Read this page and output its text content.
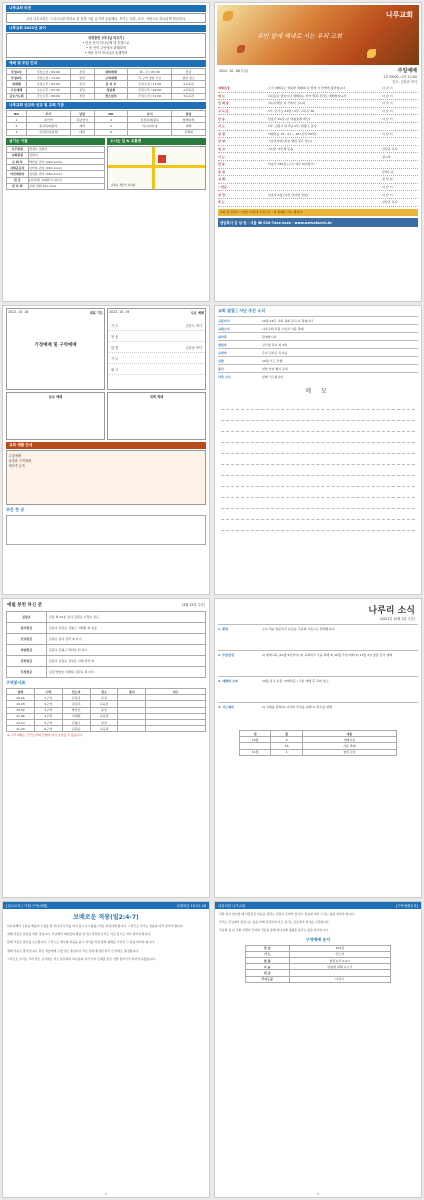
나루교회 비전
우리 나루교회는 그리스도를 머리로 한 몸을 이룬 유기적 공동체다. 모이는 일과, 소모, 사랑으로 하나님께 헌신한다.
나루교회 2021년 표어
성령충만 (하나님 따르기)
• 믿음 안의 하나님께 대 진행으로
• 몸 안의 주안에서 화해하며
• 세상 안의 하나님과 동행하며
예배 및 모임 안내
주일1부	주일오전 / 09:00	본당	새벽예배	화~금 / 05:30	본당
주일2부	주일오전 / 11:00	본당	구역예배	각 구역 정한 시간	정한 장소
대예배	주일오후 / 02:00	본당	중 저 부	주일오전 / 11:00	3교육관
수요예배	수요오후 / 07:30	본당	청년회	주일오후 / 02:00	2교육관
금요기도회	금요오후 / 08:00	본당	청소년부	주일오전 / 11:00	3교육관
나루교회 선교와 선교 및 교회 기관
NO	부서	담당	NO	부서	담당
1	관련역	목판연삭	4	류상하/회원목	합해다해
2	중이하/회원차	재개	5	하나님의 대	대해
3	김상한/하원해	대한	6	존해화
섬기는 이들
사무원원	연점우 집원진
교회원원	김원이
교 회 부	박한호 권사 (010-xxxx)
사회공동자	이학복 권사 (010-xxxx)
여전대원자	김연용 권사 (010-xxxx)
헌 금	(김하상) 교회학교 (하기)
번 부 회	교대 연원 01x-xxxx
오시는 길 & 교통편
송현동 계단식 지하철
나루교회
주인 앞에 제대로 서는 우리 교회
2022. 10. 16(주일)	주일예배
1부 09:00 / 2부 11:00
인도: 김상준 목사
예배초청	오직 예배하는 영원한 예배의 문 앞에 기 함께에 충만합니다	다 같 이
예 도	하나님은 영이시니 예배하는 자가 영과 진리로 예배할지니라	다 같 이
입 례 송	하나님께로 더 가까이 갑니다	다 같 이
교 독 문	1부: 유기도 21편 / 2부: 교독문 60	다 같 이
찬 송	찬송가 20장 (큰 영광중에 계신)	다 같 이
기 도	1부: 김원교 권사님 2부: 변형구 집사
성 경	마태복음 15 : 21 ~ 28 (신약 26쪽)	다 같 이
찬 양	시온찬양대 (특송 행정 봉은 합니)
설 교	가나안 여인의 믿음	김상준 목사
기 도	설교자
찬 송	찬송가 542장 (구주 예수 의지함이)
봉 헌	함께드림
교 제	장 상 침
• 헌금	다 같 이
성 찬	찬송가 4장 (성부 성자와 성령)	다 같 이
축 도	김상준 목사
교회 앞 공원나 스세보 이전에 주십시오 · 첫 번째로 아는 합니다.
담임목사 김 상 준 · 서울 ☎ 010-7xxx-xxxx · www.naruchurch.kr
2022. 10. 16	대표 기도
기정예배 및 구역예배
2022. 10. 19	수요 예배
기 도	김상도 목사
찬 송
말 씀	김상준 목사
기 도
광 고
금요 예배	새벽 예배
교회 생활 안내
주일예배
성경과 구역예배
새가족 등록
주간 찬 공
교회 알림 | 지난 주간 소식
고통가기	10월 16주 교회 필레 갑니 다 원합니다
교회소식	나루교회 부원 모임과 가을 축제
새가족	환영합니다
생일자	김가정 권사 외 3명
교역자	주일 김상준 목사님
심방	10월 기도 진행
봉사	연합 찬양 행사 준비
가족 소식	함께 기도합니다
메 모
예월 봉헌 하신 분	(9월 25일 주간)
십일조	김하 외 12분 감사 김원순 이경호 성도
감사헌금	김원교 김상준 김형구 이해원 외 일동
선교헌금	김원순 김하 김학 외 다수
차량헌금	김원교 김형구 박한호 외 다수
건축헌금	김원교 김원순 김상준 이해 김학 외
주정헌금	김원 박한호 이해원 김원교 외 다수
구역봉사표
날짜	구역	인도자	장소	봉사	비고
10.16	1구역	김상준	본당
10.23	2구역	김원교	교육관
10.30	3구역	박한호	본당
11.06	4구역	이해원	교육관
11.13	5구역	김형구	본당
11.20	6구역	김원순	교육관
※ 구역 예배는 각 인도자의 진행에 따라 조정될 수 있습니다.
나루리 소식
(2021년 10월 2일 주간)
1. 환영	오늘 처음 방문하신 분들을 주님의 이름으로 환영합니다.
2. 주일일정	1) 세례교육 (10월 9일부터) 2) 교회학교 가을 축제 3) 10월 주일 예배 4) 11월 1일 창립 감사 예배
3. 예배와 교역	10월 설교 본문: 마태복음 / 주일 예배 후 교회 청소
4. 기도제목	1) 교회를 위해 2) 나라와 민족을 위해 3) 환우를 위해
일	월	내용
10월	9	세례교육
16	가을 축제
11월	1	창립 감사
[설교요약 / 가정(구역)예배]	마태복음 15:21-28
보배로운 적봉(빌2:4-7)
하나님께서 구원을 베풀어 주셨을 뿐 아니라 우리를 자녀 삼으시고 영광스러운 자유하게 합니다. 그러므로 우리는 말씀을 따라 살아야 합니다.
첫째 직분은 섬김을 위한 것입니다. 주님께서 제자들의 발을 씻기신 것처럼 우리도 서로 섬기는 자가 되어야 합니다.
둘째 직분은 겸손을 요구합니다. 그리스도 예수의 마음을 품고 자기를 비워 종의 형체를 가지신 그 본을 따라야 합니다.
셋째 직분은 충성입니다. 맡은 자들에게 구할 것은 충성이니 작은 일에 충성된 자가 큰 일에도 충성합니다.
그러므로 우리는 각자 받은 은사대로 서로 봉사하며 하나님의 여러 가지 은혜를 맡은 선한 청지기가 되어야 하겠습니다.
2
마블리한 나루교회	[구역예배공과]
서원 앞이 앞이날 때 사람들은 복음을 전하는 사람이 존재가 있거나, 복음의 내어 드리는 삶을 살아야 합니다.
우리는 주님께서 원하시는 일을 함께 감당하며 서로 섬기는 공동체가 되기를 소망합니다.
주님의 몸 된 교회 안에서 각자의 직분을 통해 하나님께 영광을 돌리는 삶을 살아갑시다.
구역예배 순서
찬 송	312장
기 도	인도자
말 씀	빌립보서 2:4-7
나 눔	말씀에 대해 나누기
헌 금
주기도문	다같이
3
